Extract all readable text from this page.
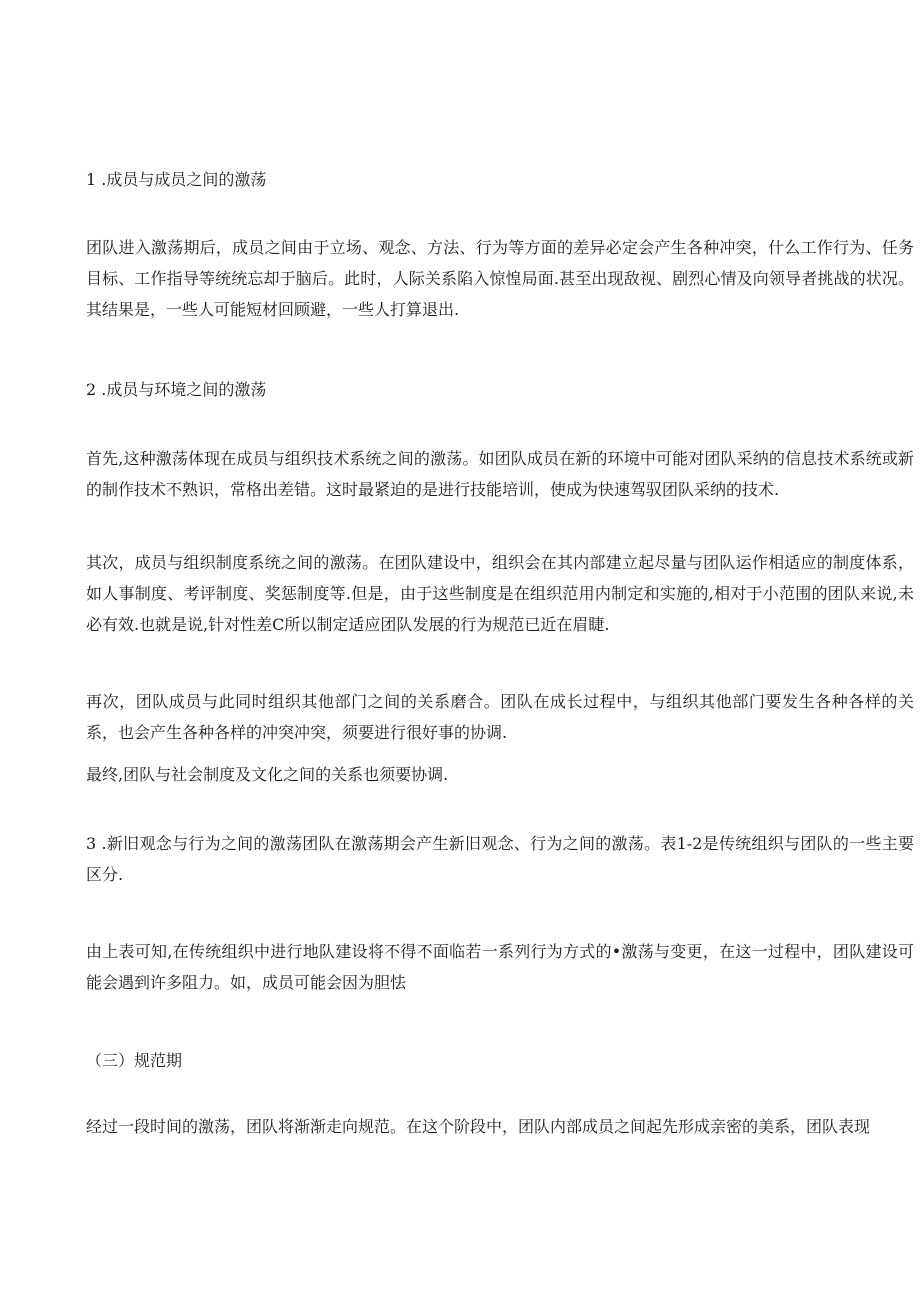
1 .成员与成员之间的激荡

团队进入激荡期后，成员之间由于立场、观念、方法、行为等方面的差异必定会产生各种冲突，什么工作行为、任务目标、工作指导等统统忘却于脑后。此时，人际关系陷入惊惶局面.甚至出现敌视、剧烈心情及向领导者挑战的状况。其结果是，一些人可能短材回顾避，一些人打算退出.

2 .成员与环境之间的激荡

首先,这种激荡体现在成员与组织技术系统之间的激荡。如团队成员在新的环境中可能对团队采纳的信息技术系统或新的制作技术不熟识，常格出差错。这时最紧迫的是进行技能培训，使成为快速驾驭团队采纳的技术.

其次，成员与组织制度系统之间的激荡。在团队建设中，组织会在其内部建立起尽量与团队运作相适应的制度体系，如人事制度、考评制度、奖惩制度等.但是，由于这些制度是在组织范用内制定和实施的,相对于小范围的团队来说,未必有效.也就是说,针对性差C所以制定适应团队发展的行为规范已近在眉睫.

再次，团队成员与此同时组织其他部门之间的关系磨合。团队在成长过程中，与组织其他部门要发生各种各样的关系，也会产生各种各样的冲突冲突，须要进行很好事的协调.

最终,团队与社会制度及文化之间的关系也须要协调.

3 .新旧观念与行为之间的激荡团队在激荡期会产生新旧观念、行为之间的激荡。表1-2是传统组织与团队的一些主要区分.

由上表可知,在传统组织中进行地队建设将不得不面临若一系列行为方式的•激荡与变更，在这一过程中，团队建设可能会遇到许多阻力。如，成员可能会因为胆怯

（三）规范期

经过一段时间的激荡，团队将渐渐走向规范。在这个阶段中，团队内部成员之间起先形成亲密的美系，团队表现
